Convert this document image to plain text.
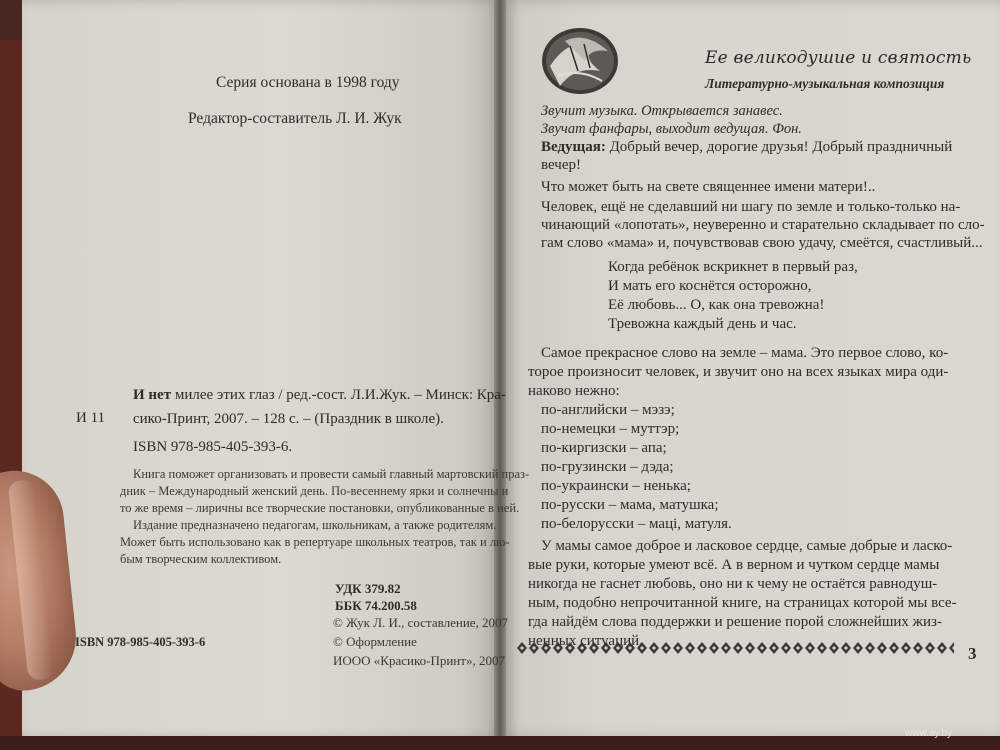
Серия основана в 1998 году
Редактор-составитель Л. И. Жук
И 11
И нет милее этих глаз / ред.-сост. Л.И.Жук. – Минск: Кра-
сико-Принт, 2007. – 128 с. – (Праздник в школе).
ISBN 978-985-405-393-6.
Книга поможет организовать и провести самый главный мартовский праз-
дник – Международный женский день. По-весеннему ярки и солнечны и
то же время – лиричны все творческие постановки, опубликованные в ней.
Издание предназначено педагогам, школьникам, а также родителям.
Может быть использовано как в репертуаре школьных театров, так и лю-
бым творческим коллективом.
УДК 379.82
ББК 74.200.58
ISBN 978-985-405-393-6
© Жук Л. И., составление, 2007
© Оформление
ИООО «Красико-Принт», 2007
Ее великодушие и святость
Литературно-музыкальная композиция
Звучит музыка. Открывается занавес.
Звучат фанфары, выходит ведущая. Фон.
Ведущая: Добрый вечер, дорогие друзья! Добрый праздничный
вечер!
Что может быть на свете священнее имени матери!..
Человек, ещё не сделавший ни шагу по земле и только-только на-
чинающий «лопотать», неуверенно и старательно складывает по сло-
гам слово «мама» и, почувствовав свою удачу, смеётся, счастливый...
Когда ребёнок вскрикнет в первый раз,
И мать его коснётся осторожно,
Её любовь... О, как она тревожна!
Тревожна каждый день и час.
Самое прекрасное слово на земле – мама. Это первое слово, ко-
торое произносит человек, и звучит оно на всех языках мира оди-
наково нежно:
по-английски – мэзэ;
по-немецки – муттэр;
по-киргизски – апа;
по-грузински – дэда;
по-украински – ненька;
по-русски – мама, матушка;
по-белорусски – маці, матуля.
У мамы самое доброе и ласковое сердце, самые добрые и ласко-
вые руки, которые умеют всё. А в верном и чутком сердце мамы
никогда не гаснет любовь, оно ни к чему не остаётся равнодуш-
ным, подобно непрочитанной книге, на страницах которой мы все-
гда найдём слова поддержки и решение порой сложнейших жиз-
3
www.ay.by
